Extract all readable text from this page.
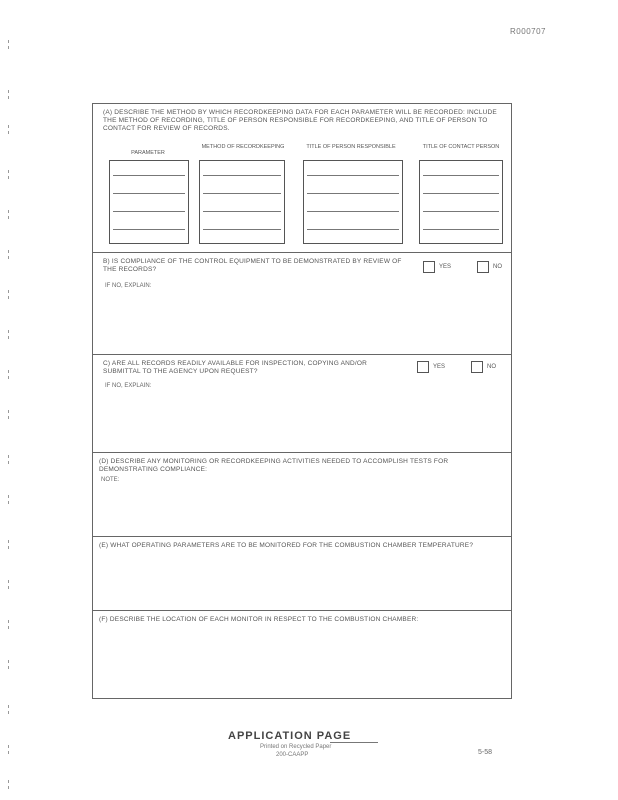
R000707
(A) DESCRIBE THE METHOD BY WHICH RECORDKEEPING DATA FOR EACH PARAMETER WILL BE RECORDED: INCLUDE THE METHOD OF RECORDING, TITLE OF PERSON RESPONSIBLE FOR RECORDKEEPING, AND TITLE OF PERSON TO CONTACT FOR REVIEW OF RECORDS.
PARAMETER
METHOD OF RECORDKEEPING	TITLE OF PERSON RESPONSIBLE	TITLE OF CONTACT PERSON
B) IS COMPLIANCE OF THE CONTROL EQUIPMENT TO BE DEMONSTRATED BY REVIEW OF THE RECORDS?	YES	NO
IF NO, EXPLAIN:
C) ARE ALL RECORDS READILY AVAILABLE FOR INSPECTION, COPYING AND/OR SUBMITTAL TO THE AGENCY UPON REQUEST?
YES	NO
IF NO, EXPLAIN:
(D) DESCRIBE ANY MONITORING OR RECORDKEEPING ACTIVITIES NEEDED TO ACCOMPLISH TESTS FOR DEMONSTRATING COMPLIANCE:
NOTE:
(E) WHAT OPERATING PARAMETERS ARE TO BE MONITORED FOR THE COMBUSTION CHAMBER TEMPERATURE?
(F) DESCRIBE THE LOCATION OF EACH MONITOR IN RESPECT TO THE COMBUSTION CHAMBER:
APPLICATION PAGE
Printed on Recycled Paper
200-CAAPP	5-58
